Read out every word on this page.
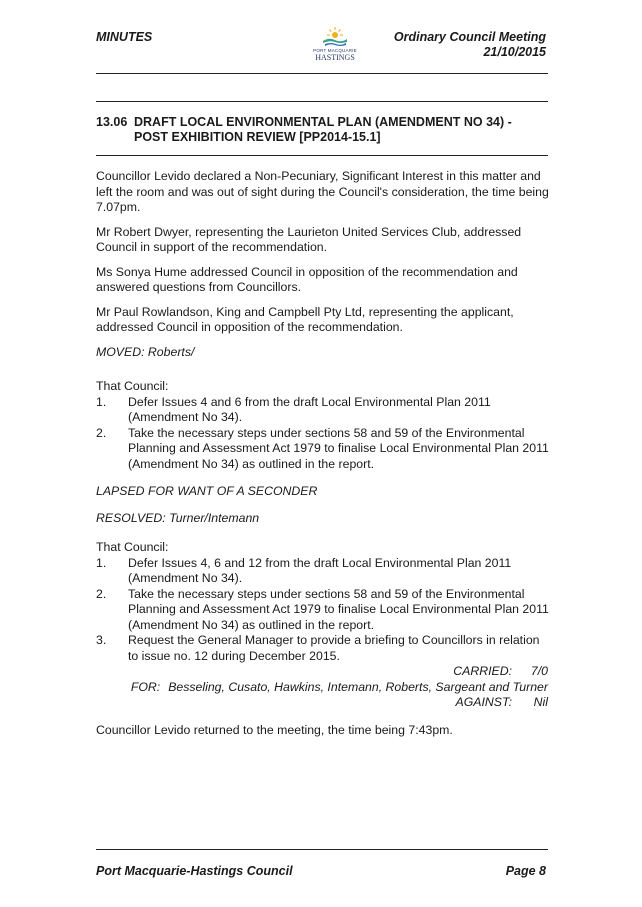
MINUTES
PORT MACQUARIE
HASTINGS
Ordinary Council Meeting
21/10/2015
13.06 DRAFT LOCAL ENVIRONMENTAL PLAN (AMENDMENT NO 34) - POST EXHIBITION REVIEW [PP2014-15.1]

Councillor Levido declared a Non-Pecuniary, Significant Interest in this matter and left the room and was out of sight during the Council's consideration, the time being 7.07pm.

Mr Robert Dwyer, representing the Laurieton United Services Club, addressed Council in support of the recommendation.

Ms Sonya Hume addressed Council in opposition of the recommendation and answered questions from Councillors.

Mr Paul Rowlandson, King and Campbell Pty Ltd, representing the applicant, addressed Council in opposition of the recommendation.

MOVED: Roberts/

That Council:
1.	Defer Issues 4 and 6 from the draft Local Environmental Plan 2011 (Amendment No 34).
2.	Take the necessary steps under sections 58 and 59 of the Environmental Planning and Assessment Act 1979 to finalise Local Environmental Plan 2011 (Amendment No 34) as outlined in the report.

LAPSED FOR WANT OF A SECONDER

RESOLVED: Turner/Intemann

That Council:
1.	Defer Issues 4, 6 and 12 from the draft Local Environmental Plan 2011 (Amendment No 34).
2.	Take the necessary steps under sections 58 and 59 of the Environmental Planning and Assessment Act 1979 to finalise Local Environmental Plan 2011 (Amendment No 34) as outlined in the report.
3.	Request the General Manager to provide a briefing to Councillors in relation to issue no. 12 during December 2015.
CARRIED: 7/0
FOR: Besseling, Cusato, Hawkins, Intemann, Roberts, Sargeant and Turner
AGAINST: Nil

Councillor Levido returned to the meeting, the time being 7:43pm.

Port Macquarie-Hastings Council	Page 8
